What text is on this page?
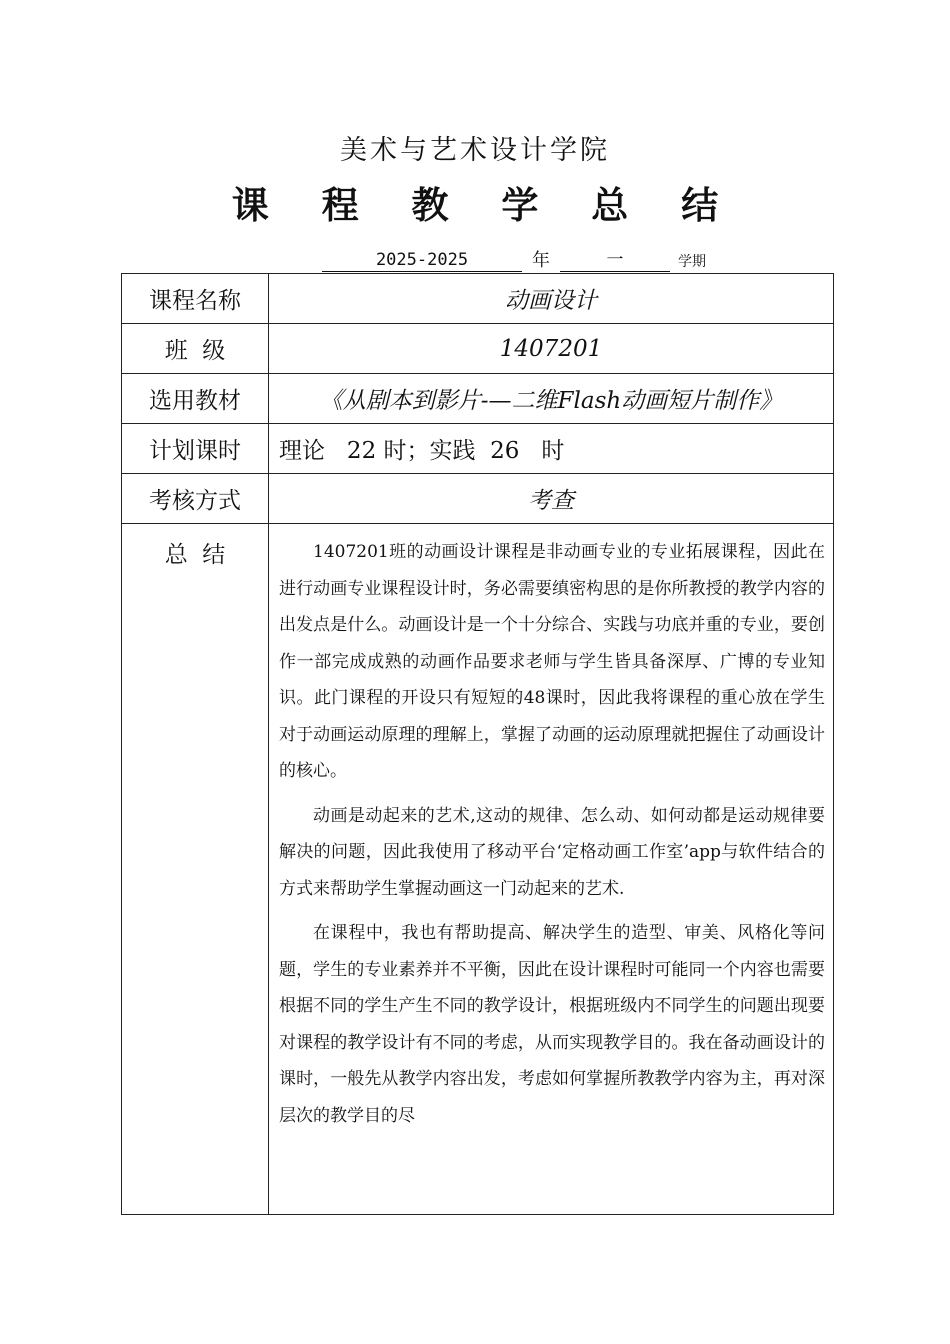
美术与艺术设计学院
课 程 教 学 总 结
2025-2025	年	一	学期
课程名称	动画设计
班  级	1407201
选用教材	《从剧本到影片-—二维Flash动画短片制作》
计划课时	理论   22 时；实践  26   时
考核方式	考查
总  结	1407201班的动画设计课程是非动画专业的专业拓展课程，因此在进行动画专业课程设计时，务必需要缜密构思的是你所教授的教学内容的出发点是什么。动画设计是一个十分综合、实践与功底并重的专业，要创作一部完成成熟的动画作品要求老师与学生皆具备深厚、广博的专业知识。此门课程的开设只有短短的48课时，因此我将课程的重心放在学生对于动画运动原理的理解上，掌握了动画的运动原理就把握住了动画设计的核心。

动画是动起来的艺术,这动的规律、怎么动、如何动都是运动规律要解决的问题，因此我使用了移动平台‘定格动画工作室’app与软件结合的方式来帮助学生掌握动画这一门动起来的艺术.

在课程中，我也有帮助提高、解决学生的造型、审美、风格化等问题，学生的专业素养并不平衡，因此在设计课程时可能同一个内容也需要根据不同的学生产生不同的教学设计，根据班级内不同学生的问题出现要对课程的教学设计有不同的考虑，从而实现教学目的。我在备动画设计的课时，一般先从教学内容出发，考虑如何掌握所教教学内容为主，再对深层次的教学目的尽
